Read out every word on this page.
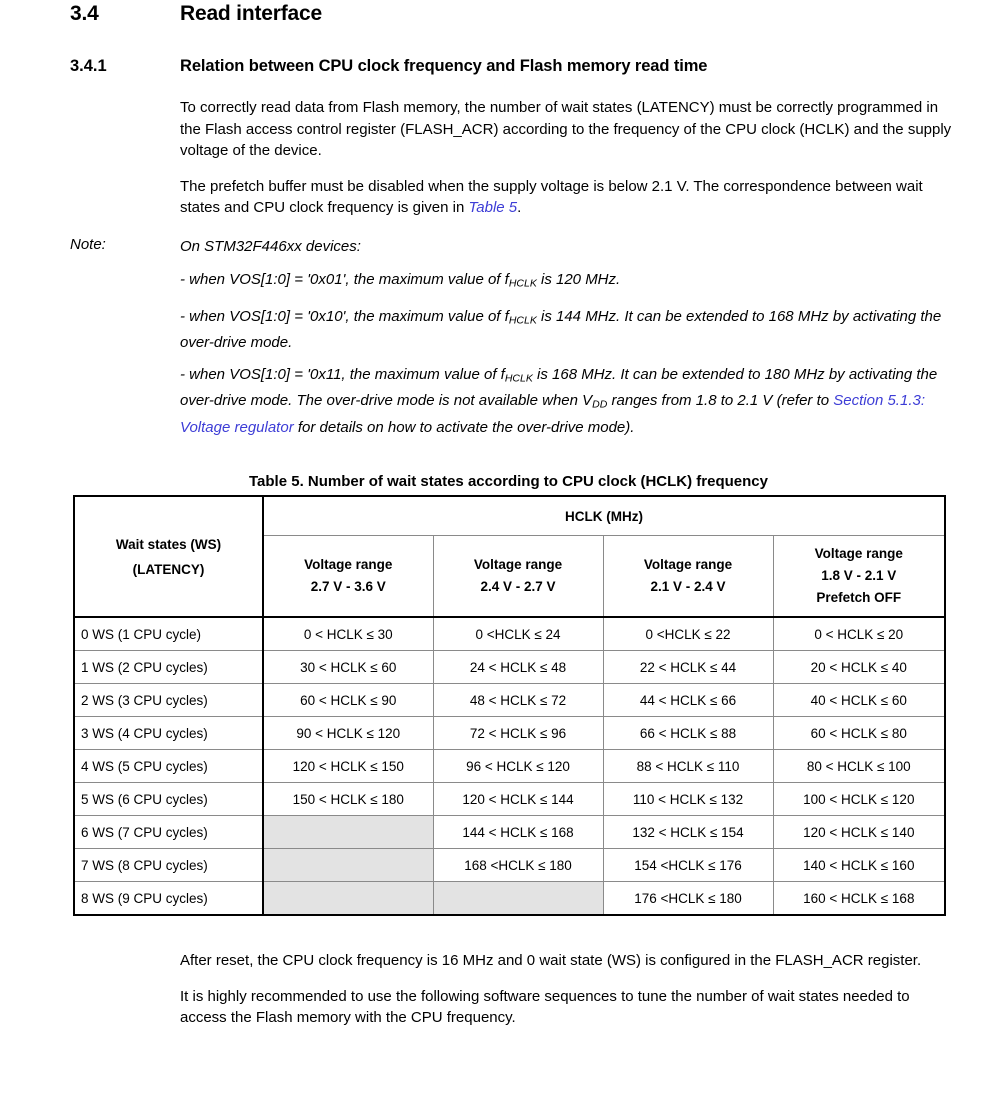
3.4	Read interface
3.4.1	Relation between CPU clock frequency and Flash memory read time

To correctly read data from Flash memory, the number of wait states (LATENCY) must be correctly programmed in the Flash access control register (FLASH_ACR) according to the frequency of the CPU clock (HCLK) and the supply voltage of the device.

The prefetch buffer must be disabled when the supply voltage is below 2.1 V. The correspondence between wait states and CPU clock frequency is given in Table 5.

Note:	On STM32F446xx devices:

- when VOS[1:0] = '0x01', the maximum value of $f_{HCLK}$ is 120 MHz.

- when VOS[1:0] = '0x10', the maximum value of $f_{HCLK}$ is 144 MHz. It can be extended to 168 MHz by activating the over-drive mode.

- when VOS[1:0] = '0x11, the maximum value of $f_{HCLK}$ is 168 MHz. It can be extended to 180 MHz by activating the over-drive mode. The over-drive mode is not available when $V_{DD}$ ranges from 1.8 to 2.1 V (refer to Section 5.1.3: Voltage regulator for details on how to activate the over-drive mode).

Table 5. Number of wait states according to CPU clock (HCLK) frequency
Wait states (WS)
(LATENCY)	HCLK (MHz)			

Voltage range
2.7 V - 3.6 V

Voltage range
2.4 V - 2.7 V

Voltage range
2.1 V - 2.4 V

Voltage range
1.8 V - 2.1 V
Prefetch OFF

0 WS (1 CPU cycle)	0 < HCLK ≤ 30	0 <HCLK ≤ 24	0 <HCLK ≤ 22	0 < HCLK ≤ 20
1 WS (2 CPU cycles)	30 < HCLK ≤ 60	24 < HCLK ≤ 48	22 < HCLK ≤ 44	20 < HCLK ≤ 40
2 WS (3 CPU cycles)	60 < HCLK ≤ 90	48 < HCLK ≤ 72	44 < HCLK ≤ 66	40 < HCLK ≤ 60
3 WS (4 CPU cycles)	90 < HCLK ≤ 120	72 < HCLK ≤ 96	66 < HCLK ≤ 88	60 < HCLK ≤ 80
4 WS (5 CPU cycles)	120 < HCLK ≤ 150	96 < HCLK ≤ 120	88 < HCLK ≤ 110	80 < HCLK ≤ 100
5 WS (6 CPU cycles)	150 < HCLK ≤ 180	120 < HCLK ≤ 144	110 < HCLK ≤ 132	100 < HCLK ≤ 120
6 WS (7 CPU cycles)		144 < HCLK ≤ 168	132 < HCLK ≤ 154	120 < HCLK ≤ 140
7 WS (8 CPU cycles)		168 <HCLK ≤ 180	154 <HCLK ≤ 176	140 < HCLK ≤ 160
8 WS (9 CPU cycles)			176 <HCLK ≤ 180	160 < HCLK ≤ 168

After reset, the CPU clock frequency is 16 MHz and 0 wait state (WS) is configured in the FLASH_ACR register.

It is highly recommended to use the following software sequences to tune the number of wait states needed to access the Flash memory with the CPU frequency.
